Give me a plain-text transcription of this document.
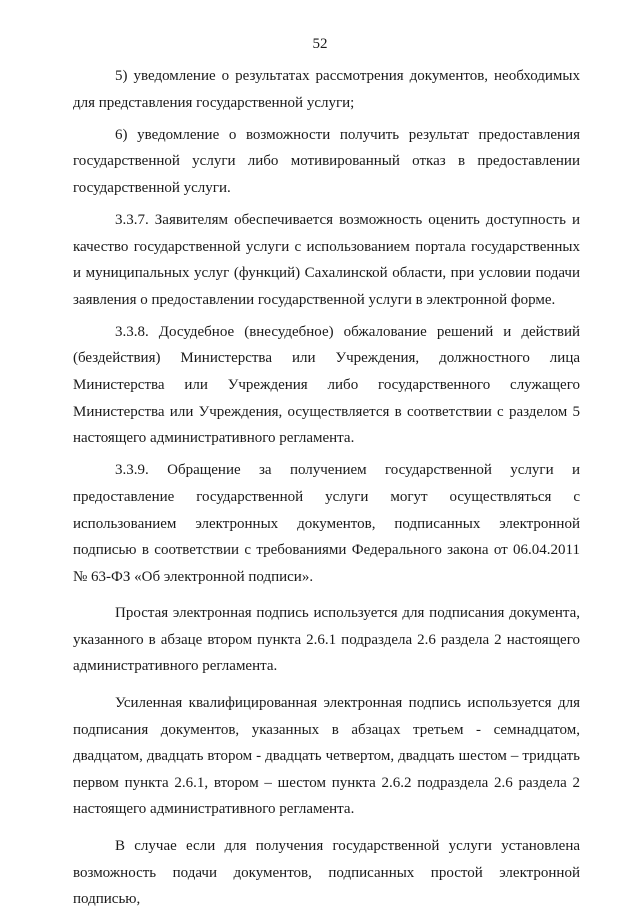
52

5) уведомление о результатах рассмотрения документов, необходимых для представления государственной услуги;

6) уведомление о возможности получить результат предоставления государственной услуги либо мотивированный отказ в предоставлении государственной услуги.

3.3.7. Заявителям обеспечивается возможность оценить доступность и качество государственной услуги с использованием портала государственных и муниципальных услуг (функций) Сахалинской области, при условии подачи заявления о предоставлении государственной услуги в электронной форме.

3.3.8. Досудебное (внесудебное) обжалование решений и действий (бездействия) Министерства или Учреждения, должностного лица Министерства или Учреждения либо государственного служащего Министерства или Учреждения, осуществляется в соответствии с разделом 5 настоящего административного регламента.

3.3.9. Обращение за получением государственной услуги и предоставление государственной услуги могут осуществляться с использованием электронных документов, подписанных электронной подписью в соответствии с требованиями Федерального закона от 06.04.2011 № 63-ФЗ «Об электронной подписи».

Простая электронная подпись используется для подписания документа, указанного в абзаце втором пункта 2.6.1 подраздела 2.6 раздела 2 настоящего административного регламента.

Усиленная квалифицированная электронная подпись используется для подписания документов, указанных в абзацах третьем - семнадцатом, двадцатом, двадцать втором - двадцать четвертом, двадцать шестом – тридцать первом пункта 2.6.1, втором – шестом пункта 2.6.2 подраздела 2.6 раздела 2 настоящего административного регламента.

В случае если для получения государственной услуги установлена возможность подачи документов, подписанных простой электронной подписью,
